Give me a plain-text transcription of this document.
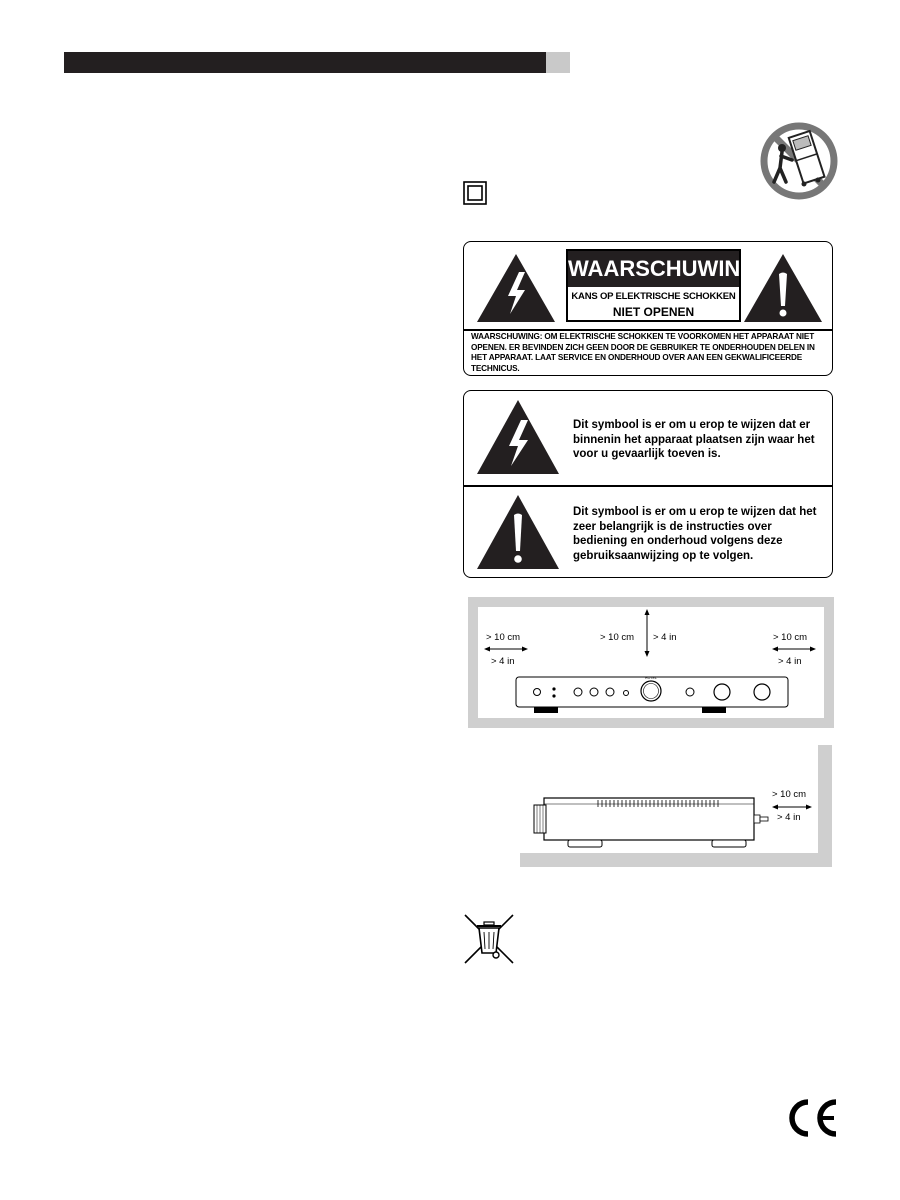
WAARSCHUWING
KANS OP ELEKTRISCHE SCHOKKEN
NIET OPENEN
WAARSCHUWING: OM ELEKTRISCHE SCHOKKEN TE VOORKOMEN HET APPARAAT NIET OPENEN. ER BEVINDEN ZICH GEEN DOOR DE GEBRUIKER TE ONDERHOUDEN DELEN IN HET APPARAAT. LAAT SERVICE EN ONDERHOUD OVER AAN EEN GEKWALIFICEERDE TECHNICUS.
Dit symbool is er om u erop te wijzen dat er binnenin het apparaat plaatsen zijn waar het voor u gevaarlijk toeven is.
Dit symbool is er om u erop te wijzen dat het zeer belangrijk is de instructies over bediening en onderhoud volgens deze gebruiksaanwijzing op te volgen.
ROTEL
> 10 cm
> 4 in
> 10 cm > 4 in	> 10 cm
> 4 in
> 10 cm
> 4 in
